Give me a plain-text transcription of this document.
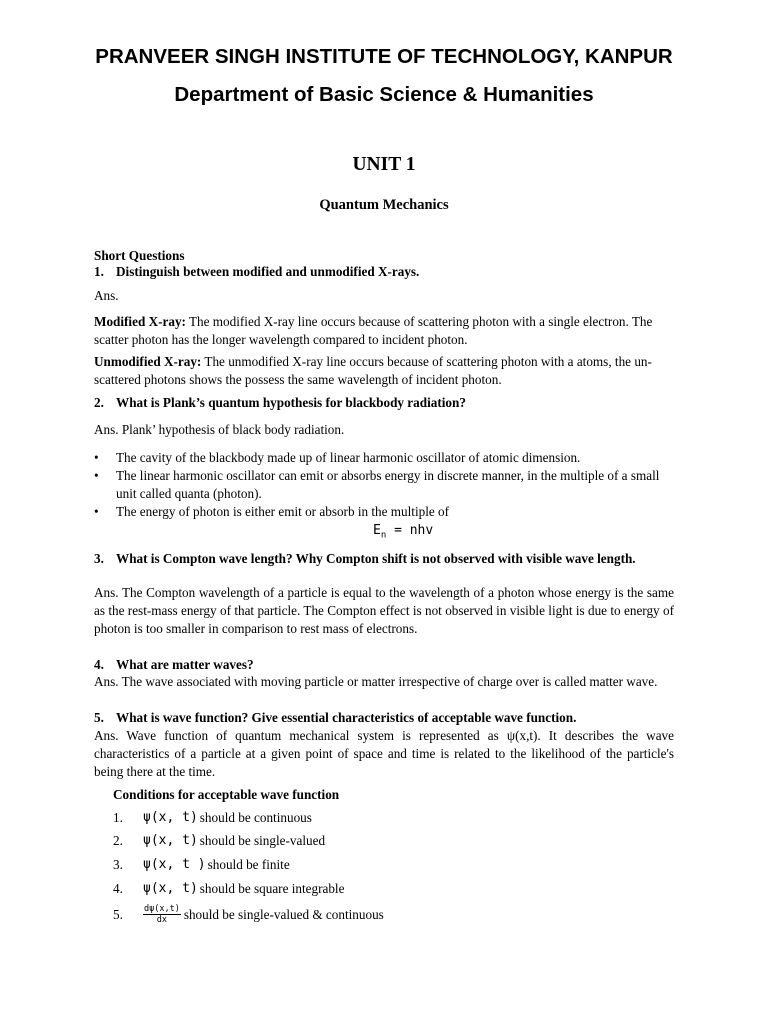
PRANVEER SINGH INSTITUTE OF TECHNOLOGY, KANPUR
Department of Basic Science & Humanities
UNIT 1
Quantum Mechanics
Short Questions
1. Distinguish between modified and unmodified X-rays.
Ans.
Modified X-ray: The modified X-ray line occurs because of scattering photon with a single electron. The scatter photon has the longer wavelength compared to incident photon.
Unmodified X-ray: The unmodified X-ray line occurs because of scattering photon with a atoms, the un-scattered photons shows the possess the same wavelength of incident photon.
2. What is Plank’s quantum hypothesis for blackbody radiation?
Ans. Plank’ hypothesis of black body radiation.
•	The cavity of the blackbody made up of linear harmonic oscillator of atomic dimension.
•	The linear harmonic oscillator can emit or absorbs energy in discrete manner, in the multiple of a small unit called quanta (photon).
•	The energy of photon is either emit or absorb in the multiple of
$E_n$ = nhv
3. What is Compton wave length? Why Compton shift is not observed with visible wave length.
Ans. The Compton wavelength of a particle is equal to the wavelength of a photon whose energy is the same as the rest-mass energy of that particle. The Compton effect is not observed in visible light is due to energy of photon is too smaller in comparison to rest mass of electrons.
4. What are matter waves?
Ans. The wave associated with moving particle or matter irrespective of charge over is called matter wave.
5. What is wave function? Give essential characteristics of acceptable wave function.
Ans. Wave function of quantum mechanical system is represented as ψ(x,t). It describes the wave characteristics of a particle at a given point of space and time is related to the likelihood of the particle's being there at the time.
Conditions for acceptable wave function
1.	ψ(x, t) should be continuous
2.	ψ(x, t) should be single-valued
3.	ψ(x, t ) should be finite
4.	ψ(x, t) should be square integrable
5.	$\frac{d\psi(x,t)}{dx}$ should be single-valued & continuous
